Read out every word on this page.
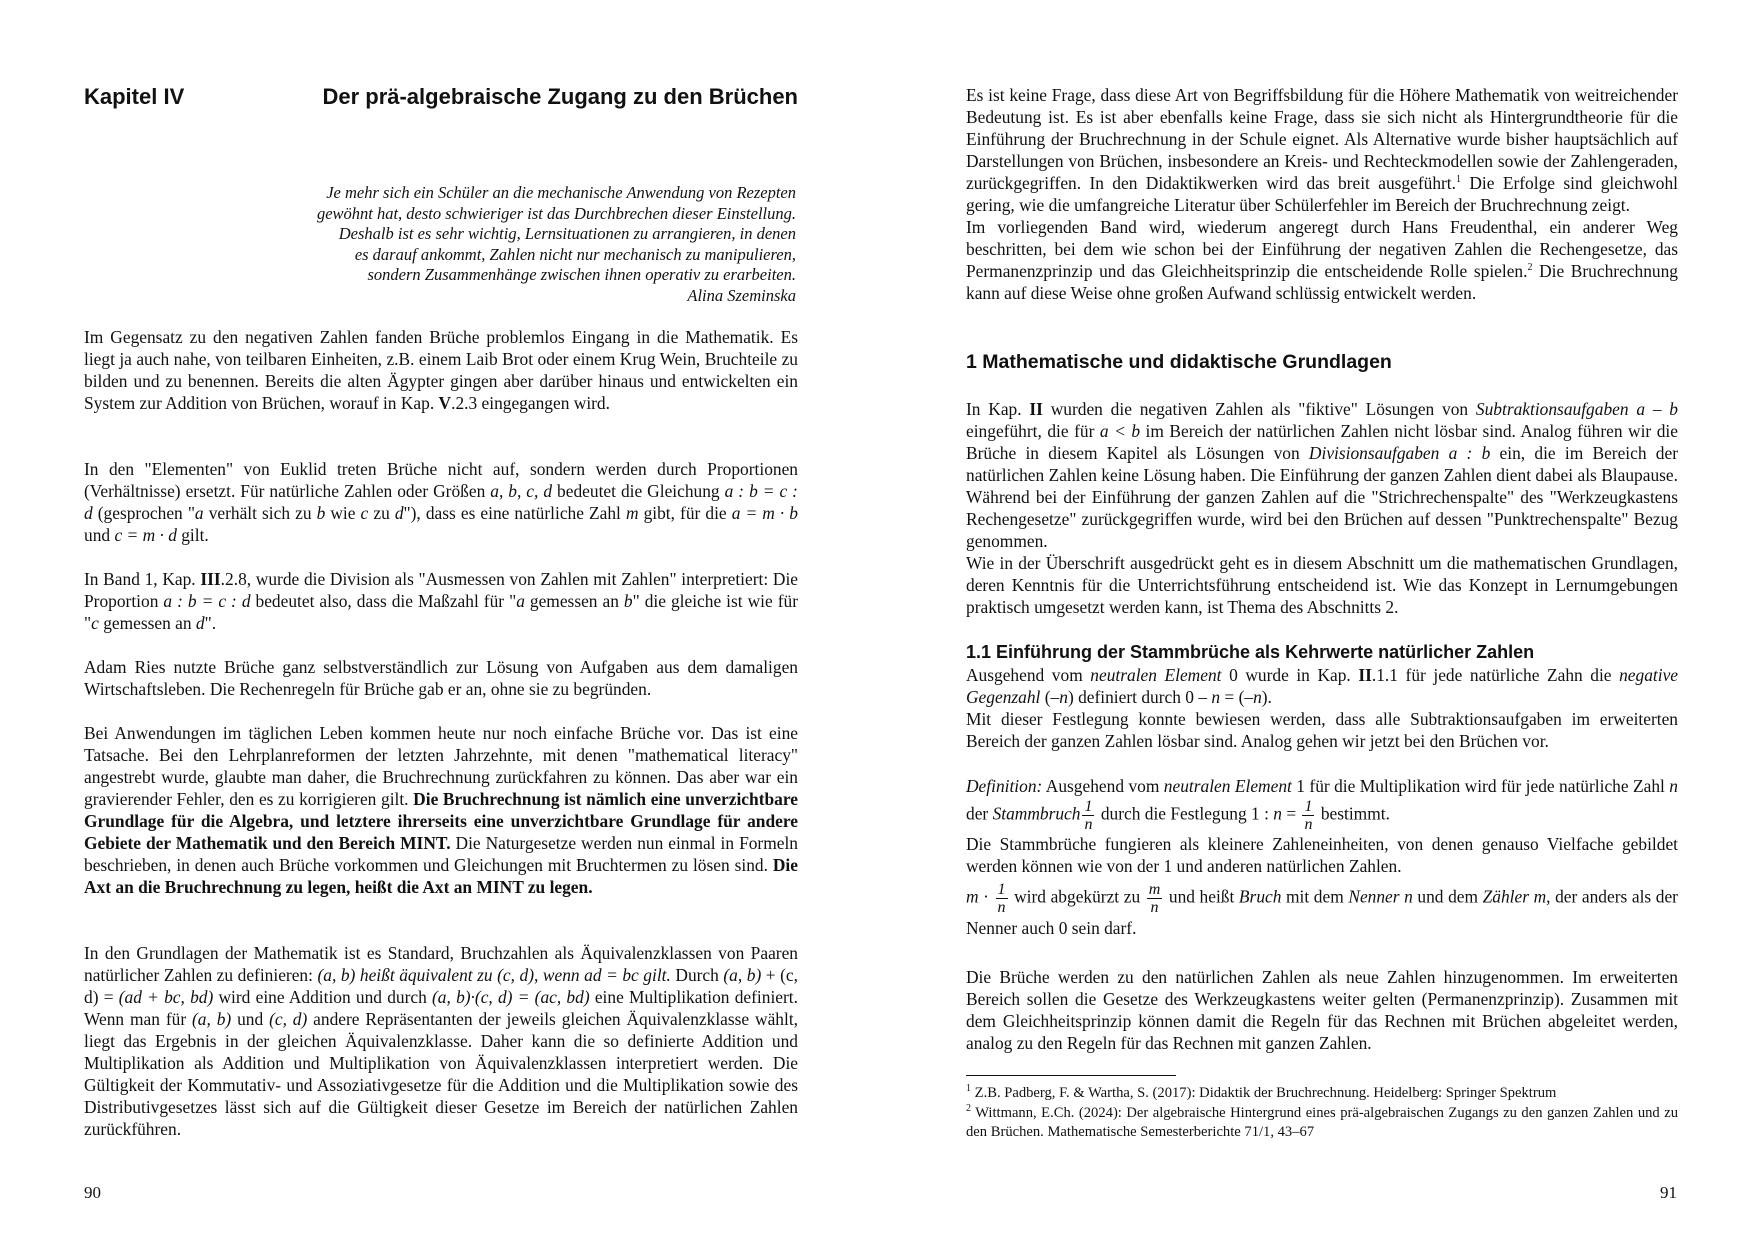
Kapitel IV	Der prä-algebraische Zugang zu den Brüchen
Je mehr sich ein Schüler an die mechanische Anwendung von Rezepten
gewöhnt hat, desto schwieriger ist das Durchbrechen dieser Einstellung.
Deshalb ist es sehr wichtig, Lernsituationen zu arrangieren, in denen
es darauf ankommt, Zahlen nicht nur mechanisch zu manipulieren,
sondern Zusammenhänge zwischen ihnen operativ zu erarbeiten.
Alina Szeminska

Im Gegensatz zu den negativen Zahlen fanden Brüche problemlos Eingang in die Mathematik. Es liegt ja auch nahe, von teilbaren Einheiten, z.B. einem Laib Brot oder einem Krug Wein, Bruchteile zu bilden und zu benennen. Bereits die alten Ägypter gingen aber darüber hinaus und entwickelten ein System zur Addition von Brüchen, worauf in Kap. V.2.3 eingegangen wird.

In den "Elementen" von Euklid treten Brüche nicht auf, sondern werden durch Proportionen (Verhältnisse) ersetzt. Für natürliche Zahlen oder Größen a, b, c, d bedeutet die Gleichung a : b = c : d (gesprochen "a verhält sich zu b wie c zu d"), dass es eine natürliche Zahl m gibt, für die a = m · b und c = m · d gilt.

In Band 1, Kap. III.2.8, wurde die Division als "Ausmessen von Zahlen mit Zahlen" interpretiert: Die Proportion a : b = c : d bedeutet also, dass die Maßzahl für "a gemessen an b" die gleiche ist wie für "c gemessen an d".

Adam Ries nutzte Brüche ganz selbstverständlich zur Lösung von Aufgaben aus dem damaligen Wirtschaftsleben. Die Rechenregeln für Brüche gab er an, ohne sie zu begründen.

Bei Anwendungen im täglichen Leben kommen heute nur noch einfache Brüche vor. Das ist eine Tatsache. Bei den Lehrplanreformen der letzten Jahrzehnte, mit denen "mathematical literacy" angestrebt wurde, glaubte man daher, die Bruchrechnung zurückfahren zu können. Das aber war ein gravierender Fehler, den es zu korrigieren gilt. Die Bruchrechnung ist nämlich eine unverzichtbare Grundlage für die Algebra, und letztere ihrerseits eine unverzichtbare Grundlage für andere Gebiete der Mathematik und den Bereich MINT. Die Naturgesetze werden nun einmal in Formeln beschrieben, in denen auch Brüche vorkommen und Gleichungen mit Bruchtermen zu lösen sind. Die Axt an die Bruchrechnung zu legen, heißt die Axt an MINT zu legen.

In den Grundlagen der Mathematik ist es Standard, Bruchzahlen als Äquivalenzklassen von Paaren natürlicher Zahlen zu definieren: (a, b) heißt äquivalent zu (c, d), wenn ad = bc gilt. Durch (a, b) + (c, d) = (ad + bc, bd) wird eine Addition und durch (a, b)·(c, d) = (ac, bd) eine Multiplikation definiert. Wenn man für (a, b) und (c, d) andere Repräsentanten der jeweils gleichen Äquivalenzklasse wählt, liegt das Ergebnis in der gleichen Äquivalenzklasse. Daher kann die so definierte Addition und Multiplikation als Addition und Multiplikation von Äquivalenzklassen interpretiert werden. Die Gültigkeit der Kommutativ- und Assoziativgesetze für die Addition und die Multiplikation sowie des Distributivgesetzes lässt sich auf die Gültigkeit dieser Gesetze im Bereich der natürlichen Zahlen zurückführen.

90

Es ist keine Frage, dass diese Art von Begriffsbildung für die Höhere Mathematik von weitreichender Bedeutung ist. Es ist aber ebenfalls keine Frage, dass sie sich nicht als Hintergrundtheorie für die Einführung der Bruchrechnung in der Schule eignet. Als Alternative wurde bisher hauptsächlich auf Darstellungen von Brüchen, insbesondere an Kreis- und Rechteckmodellen sowie der Zahlengeraden, zurückgegriffen. In den Didaktikwerken wird das breit ausgeführt.$^1$ Die Erfolge sind gleichwohl gering, wie die umfangreiche Literatur über Schülerfehler im Bereich der Bruchrechnung zeigt.

Im vorliegenden Band wird, wiederum angeregt durch Hans Freudenthal, ein anderer Weg beschritten, bei dem wie schon bei der Einführung der negativen Zahlen die Rechengesetze, das Permanenzprinzip und das Gleichheitsprinzip die entscheidende Rolle spielen.$^2$ Die Bruchrechnung kann auf diese Weise ohne großen Aufwand schlüssig entwickelt werden.

1 Mathematische und didaktische Grundlagen

In Kap. II wurden die negativen Zahlen als "fiktive" Lösungen von Subtraktionsaufgaben a – b eingeführt, die für a < b im Bereich der natürlichen Zahlen nicht lösbar sind. Analog führen wir die Brüche in diesem Kapitel als Lösungen von Divisionsaufgaben a : b ein, die im Bereich der natürlichen Zahlen keine Lösung haben. Die Einführung der ganzen Zahlen dient dabei als Blaupause. Während bei der Einführung der ganzen Zahlen auf die "Strichrechenspalte" des "Werkzeugkastens Rechengesetze" zurückgegriffen wurde, wird bei den Brüchen auf dessen "Punktrechenspalte" Bezug genommen.

Wie in der Überschrift ausgedrückt geht es in diesem Abschnitt um die mathematischen Grundlagen, deren Kenntnis für die Unterrichtsführung entscheidend ist. Wie das Konzept in Lernumgebungen praktisch umgesetzt werden kann, ist Thema des Abschnitts 2.

1.1 Einführung der Stammbrüche als Kehrwerte natürlicher Zahlen

Ausgehend vom neutralen Element 0 wurde in Kap. II.1.1 für jede natürliche Zahn die negative Gegenzahl (–n) definiert durch 0 – n = (–n).

Mit dieser Festlegung konnte bewiesen werden, dass alle Subtraktionsaufgaben im erweiterten Bereich der ganzen Zahlen lösbar sind. Analog gehen wir jetzt bei den Brüchen vor.

Definition: Ausgehend vom neutralen Element 1 für die Multiplikation wird für jede natürliche Zahl n der Stammbruch $\frac{1}{n}$ durch die Festlegung 1 : $n = \frac{1}{n}$ bestimmt.

Die Stammbrüche fungieren als kleinere Zahleneinheiten, von denen genauso Vielfache gebildet werden können wie von der 1 und anderen natürlichen Zahlen.

$m \cdot \frac{1}{n}$ wird abgekürzt zu $\frac{m}{n}$ und heißt Bruch mit dem Nenner n und dem Zähler m, der anders als der Nenner auch 0 sein darf.

Die Brüche werden zu den natürlichen Zahlen als neue Zahlen hinzugenommen. Im erweiterten Bereich sollen die Gesetze des Werkzeugkastens weiter gelten (Permanenzprinzip). Zusammen mit dem Gleichheitsprinzip können damit die Regeln für das Rechnen mit Brüchen abgeleitet werden, analog zu den Regeln für das Rechnen mit ganzen Zahlen.

$^1$ Z.B. Padberg, F. & Wartha, S. (2017): Didaktik der Bruchrechnung. Heidelberg: Springer Spektrum
$^2$ Wittmann, E.Ch. (2024): Der algebraische Hintergrund eines prä-algebraischen Zugangs zu den ganzen Zahlen und zu den Brüchen. Mathematische Semesterberichte 71/1, 43–67
91
